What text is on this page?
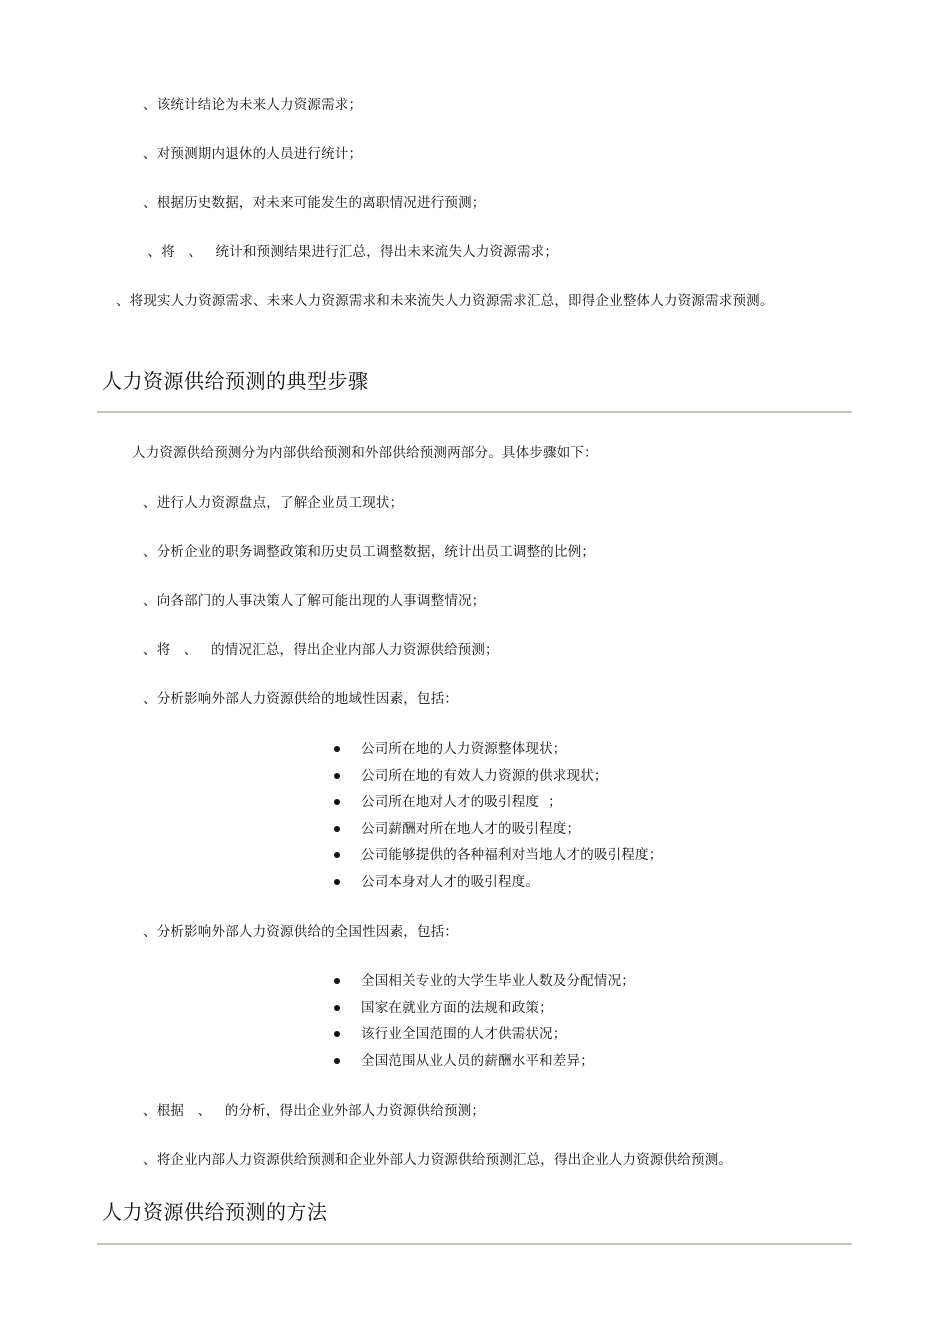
、该统计结论为未来人力资源需求；
、对预测期内退休的人员进行统计；
、根据历史数据，对未来可能发生的离职情况进行预测；
、将   、   统计和预测结果进行汇总，得出未来流失人力资源需求；
、将现实人力资源需求、未来人力资源需求和未来流失人力资源需求汇总，即得企业整体人力资源需求预测。
人力资源供给预测的典型步骤
人力资源供给预测分为内部供给预测和外部供给预测两部分。具体步骤如下：
、进行人力资源盘点，了解企业员工现状；
、分析企业的职务调整政策和历史员工调整数据，统计出员工调整的比例；
、向各部门的人事决策人了解可能出现的人事调整情况；
、将   、   的情况汇总，得出企业内部人力资源供给预测；
、分析影响外部人力资源供给的地域性因素，包括：
公司所在地的人力资源整体现状；
公司所在地的有效人力资源的供求现状；
公司所在地对人才的吸引程度  ；
公司薪酬对所在地人才的吸引程度；
公司能够提供的各种福利对当地人才的吸引程度；
公司本身对人才的吸引程度。
、分析影响外部人力资源供给的全国性因素，包括：
全国相关专业的大学生毕业人数及分配情况；
国家在就业方面的法规和政策；
该行业全国范围的人才供需状况；
全国范围从业人员的薪酬水平和差异；
、根据   、   的分析，得出企业外部人力资源供给预测；
、将企业内部人力资源供给预测和企业外部人力资源供给预测汇总，得出企业人力资源供给预测。
人力资源供给预测的方法
